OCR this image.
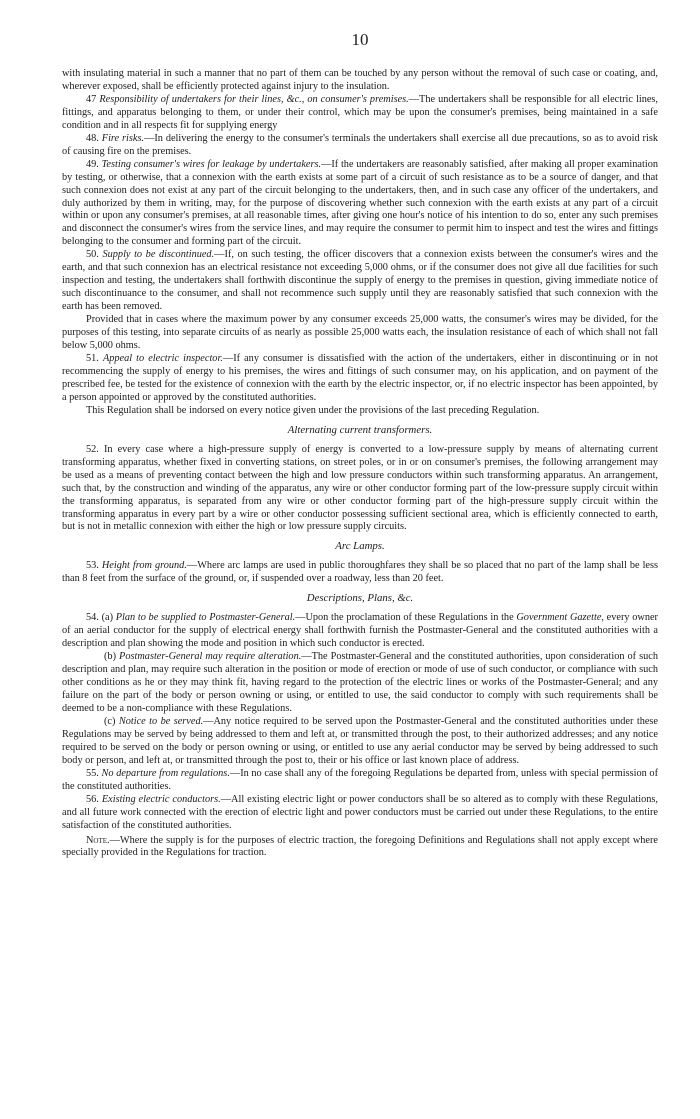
10

with insulating material in such a manner that no part of them can be touched by any person without the removal of such case or coating, and, wherever exposed, shall be efficiently protected against injury to the insulation.

47 Responsibility of undertakers for their lines, &c., on consumer's premises.—The undertakers shall be responsible for all electric lines, fittings, and apparatus belonging to them, or under their control, which may be upon the consumer's premises, being maintained in a safe condition and in all respects fit for supplying energy

48. Fire risks.—In delivering the energy to the consumer's terminals the undertakers shall exercise all due precautions, so as to avoid risk of causing fire on the premises.

49. Testing consumer's wires for leakage by undertakers.—If the undertakers are reasonably satisfied, after making all proper examination by testing, or otherwise, that a connexion with the earth exists at some part of a circuit of such resistance as to be a source of danger, and that such connexion does not exist at any part of the circuit belonging to the undertakers, then, and in such case any officer of the undertakers, and duly authorized by them in writing, may, for the purpose of discovering whether such connexion with the earth exists at any part of a circuit within or upon any consumer's premises, at all reasonable times, after giving one hour's notice of his intention to do so, enter any such premises and disconnect the consumer's wires from the service lines, and may require the consumer to permit him to inspect and test the wires and fittings belonging to the consumer and forming part of the circuit.

50. Supply to be discontinued.—If, on such testing, the officer discovers that a connexion exists between the consumer's wires and the earth, and that such connexion has an electrical resistance not exceeding 5,000 ohms, or if the consumer does not give all due facilities for such inspection and testing, the undertakers shall forthwith discontinue the supply of energy to the premises in question, giving immediate notice of such discontinuance to the consumer, and shall not recommence such supply until they are reasonably satisfied that such connexion with the earth has been removed.

Provided that in cases where the maximum power by any consumer exceeds 25,000 watts, the consumer's wires may be divided, for the purposes of this testing, into separate circuits of as nearly as possible 25,000 watts each, the insulation resistance of each of which shall not fall below 5,000 ohms.

51. Appeal to electric inspector.—If any consumer is dissatisfied with the action of the undertakers, either in discontinuing or in not recommencing the supply of energy to his premises, the wires and fittings of such consumer may, on his application, and on payment of the prescribed fee, be tested for the existence of connexion with the earth by the electric inspector, or, if no electric inspector has been appointed, by a person appointed or approved by the constituted authorities.

This Regulation shall be indorsed on every notice given under the provisions of the last preceding Regulation.

Alternating current transformers.

52. In every case where a high-pressure supply of energy is converted to a low-pressure supply by means of alternating current transforming apparatus, whether fixed in converting stations, on street poles, or in or on consumer's premises, the following arrangement may be used as a means of preventing contact between the high and low pressure conductors within such transforming apparatus. An arrangement, such that, by the construction and winding of the apparatus, any wire or other conductor forming part of the low-pressure supply circuit within the transforming apparatus, is separated from any wire or other conductor forming part of the high-pressure supply circuit within the transforming apparatus in every part by a wire or other conductor possessing sufficient sectional area, which is efficiently connected to earth, but is not in metallic connexion with either the high or low pressure supply circuits.

Arc Lamps.

53. Height from ground.—Where arc lamps are used in public thoroughfares they shall be so placed that no part of the lamp shall be less than 8 feet from the surface of the ground, or, if suspended over a roadway, less than 20 feet.

Descriptions, Plans, &c.

54. (a) Plan to be supplied to Postmaster-General.—Upon the proclamation of these Regulations in the Government Gazette, every owner of an aerial conductor for the supply of electrical energy shall forthwith furnish the Postmaster-General and the constituted authorities with a description and plan showing the mode and position in which such conductor is erected.

(b) Postmaster-General may require alteration.—The Postmaster-General and the constituted authorities, upon consideration of such description and plan, may require such alteration in the position or mode of erection or mode of use of such conductor, or compliance with such other conditions as he or they may think fit, having regard to the protection of the electric lines or works of the Postmaster-General; and any failure on the part of the body or person owning or using, or entitled to use, the said conductor to comply with such requirements shall be deemed to be a non-compliance with these Regulations.

(c) Notice to be served.—Any notice required to be served upon the Postmaster-General and the constituted authorities under these Regulations may be served by being addressed to them and left at, or transmitted through the post, to their authorized addresses; and any notice required to be served on the body or person owning or using, or entitled to use any aerial conductor may be served by being addressed to such body or person, and left at, or transmitted through the post to, their or his office or last known place of address.

55. No departure from regulations.—In no case shall any of the foregoing Regulations be departed from, unless with special permission of the constituted authorities.

56. Existing electric conductors.—All existing electric light or power conductors shall be so altered as to comply with these Regulations, and all future work connected with the erection of electric light and power conductors must be carried out under these Regulations, to the entire satisfaction of the constituted authorities.

Note.—Where the supply is for the purposes of electric traction, the foregoing Definitions and Regulations shall not apply except where specially provided in the Regulations for traction.
